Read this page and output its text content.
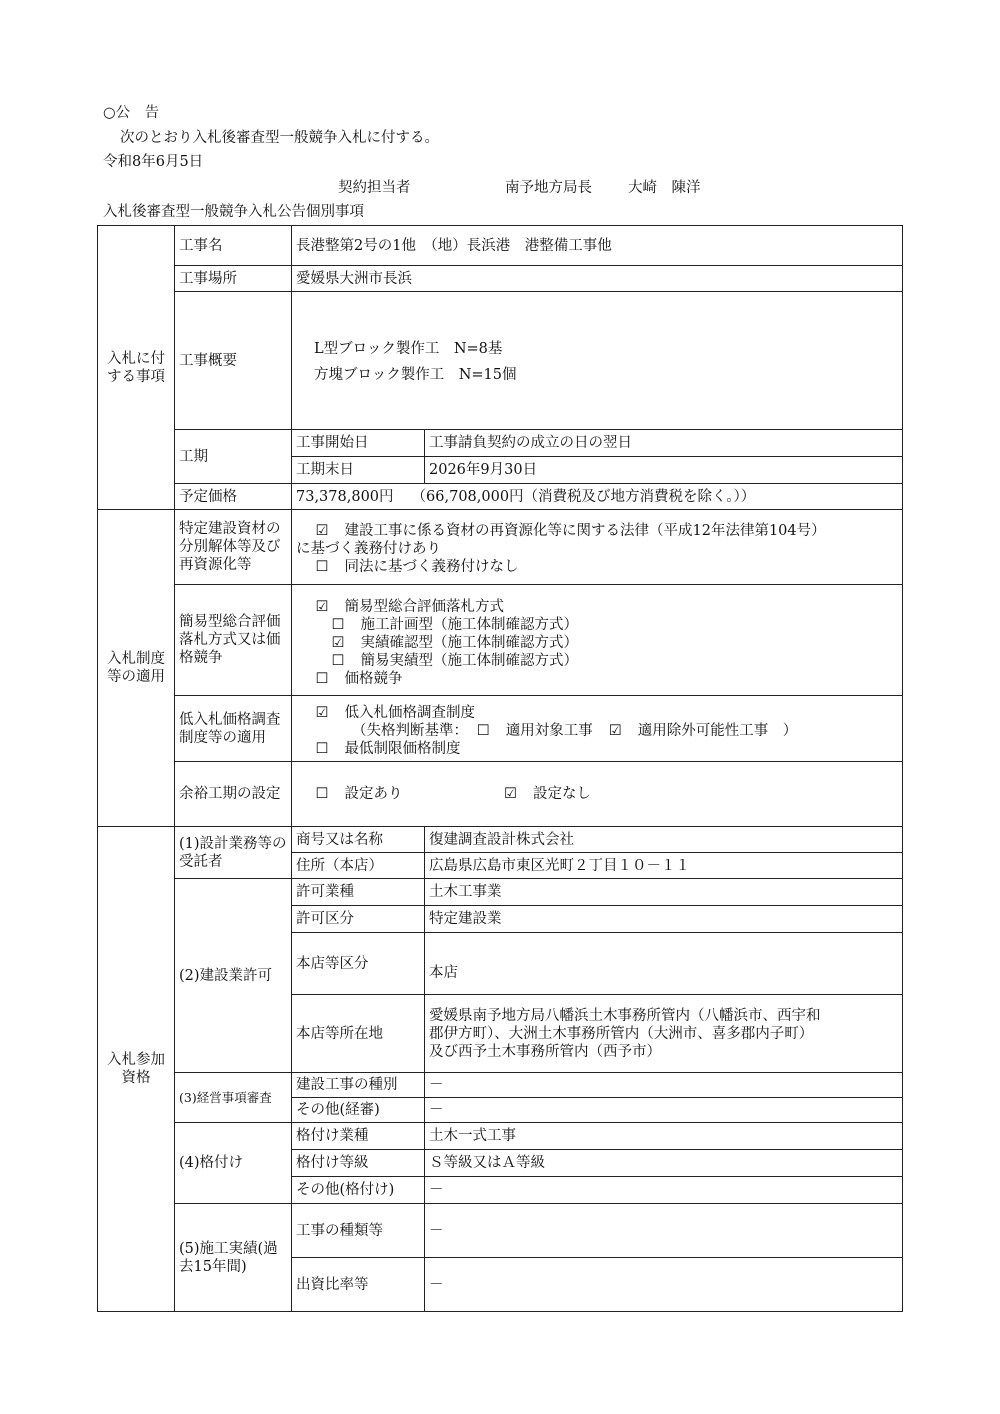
○公　告
次のとおり入札後審査型一般競争入札に付する。
令和8年6月5日
契約担当者	南予地方局長 大崎　陳洋
入札後審査型一般競争入札公告個別事項
入札に付する事項	工事名	長港整第2号の1他　（地）長浜港　港整備工事他	
	工事場所	愛媛県大洲市長浜	
	工事概要	L型ブロック製作工　N=8基
方塊ブロック製作工　N=15個	

	工期	工事開始日	工事請負契約の成立の日の翌日
		工期末日	2026年9月30日
	予定価格	73,378,800円 （66,708,000円（消費税及び地方消費税を除く。））	
入札制度等の適用	特定建設資材の分別解体等及び再資源化等	☑　 建設工事に係る資材の再資源化等に関する法律（平成12年法律第104号）
に基づく義務付けあり
☐　 同法に基づく義務付けなし	

	簡易型総合評価落札方式又は価格競争	☑　 簡易型総合評価落札方式
☐　 施工計画型（施工体制確認方式）
☑　 実績確認型（施工体制確認方式）
☐　 簡易実績型（施工体制確認方式）
☐　 価格競争	

	低入札価格調査制度等の適用	☑　 低入札価格調査制度
（失格判断基準：　 ☐　 適用対象工事　 ☑　 適用除外可能性工事　）
☐　 最低制限価格制度	

	余裕工期の設定	☐　 設定あり ☑　 設定なし	

入札参加資格	(1)設計業務等の受託者	商号又は名称	復建調査設計株式会社
		住所（本店）	広島県広島市東区光町２丁目１０－１１
	(2)建設業許可	許可業種	土木工事業
		許可区分	特定建設業
		本店等区分	本店

		本店等所在地	愛媛県南予地方局八幡浜土木事務所管内（八幡浜市、西宇和
郡伊方町）、大洲土木事務所管内（大洲市、喜多郡内子町）
及び西予土木事務所管内（西予市）

	(3)経営事項審査	建設工事の種別	－
		その他(経審)	－
	(4)格付け	格付け業種	土木一式工事
		格付け等級	Ｓ等級又はＡ等級
		その他(格付け)	－
	(5)施工実績(過去15年間)	工事の種類等	－
		出資比率等	－
